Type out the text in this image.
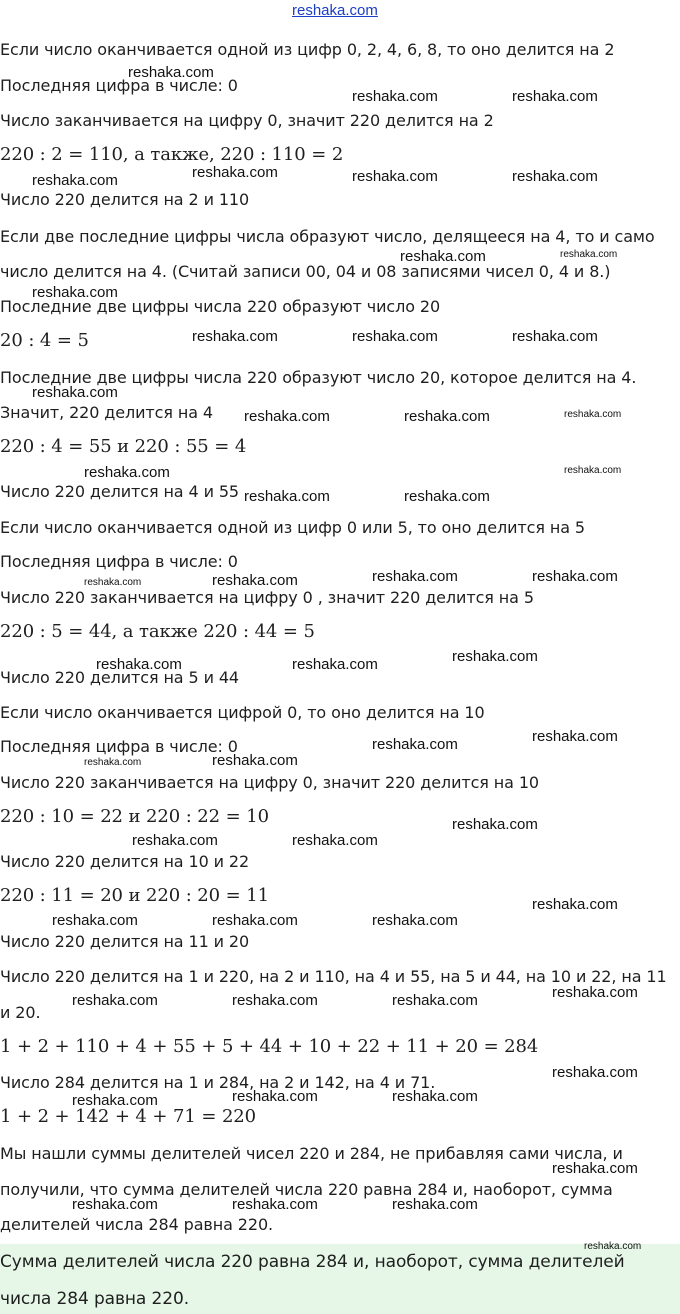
reshaka.com
Если число оканчивается одной из цифр 0, 2, 4, 6, 8, то оно делится на 2
Последняя цифра в числе: 0
Число заканчивается на цифру 0, значит 220 делится на 2
220 : 2 = 110, а также, 220 : 110 = 2
Число 220 делится на 2 и 110
Если две последние цифры числа образуют число, делящееся на 4, то и само
число делится на 4. (Считай записи 00, 04 и 08 записями чисел 0, 4 и 8.)
Последние две цифры числа 220 образуют число 20
20 : 4 = 5
Последние две цифры числа 220 образуют число 20, которое делится на 4.
Значит, 220 делится на 4
220 : 4 = 55 и 220 : 55 = 4
Число 220 делится на 4 и 55
Если число оканчивается одной из цифр 0 или 5, то оно делится на 5
Последняя цифра в числе: 0
Число 220 заканчивается на цифру 0 , значит 220 делится на 5
220 : 5 = 44, а также 220 : 44 = 5
Число 220 делится на 5 и 44
Если число оканчивается цифрой 0, то оно делится на 10
Последняя цифра в числе: 0
Число 220 заканчивается на цифру 0, значит 220 делится на 10
220 : 10 = 22 и 220 : 22 = 10
Число 220 делится на 10 и 22
220 : 11 = 20 и 220 : 20 = 11
Число 220 делится на 11 и 20
Число 220 делится на 1 и 220, на 2 и 110, на 4 и 55, на 5 и 44, на 10 и 22, на 11
и 20.
1 + 2 + 110 + 4 + 55 + 5 + 44 + 10 + 22 + 11 + 20 = 284
Число 284 делится на 1 и 284, на 2 и 142, на 4 и 71.
1 + 2 + 142 + 4 + 71 = 220
Мы нашли суммы делителей чисел 220 и 284, не прибавляя сами числа, и
получили, что сумма делителей числа 220 равна 284 и, наоборот, сумма
делителей числа 284 равна 220.
Сумма делителей числа 220 равна 284 и, наоборот, сумма делителей
числа 284 равна 220.
reshaka.com
reshaka.com	reshaka.com
reshaka.com
reshaka.com	reshaka.com	reshaka.com
reshaka.com	reshaka.com
reshaka.com
reshaka.com	reshaka.com	reshaka.com
reshaka.com
reshaka.com	reshaka.com	reshaka.com
reshaka.com	reshaka.com
reshaka.com	reshaka.com
reshaka.com	reshaka.com
reshaka.com	reshaka.com
reshaka.com
reshaka.com	reshaka.com
reshaka.com
reshaka.com
reshaka.com
reshaka.com
reshaka.com
reshaka.com	reshaka.com
reshaka.com
reshaka.com	reshaka.com	reshaka.com
reshaka.com
reshaka.com	reshaka.com	reshaka.com
reshaka.com
reshaka.com	reshaka.com	reshaka.com
reshaka.com
reshaka.com	reshaka.com	reshaka.com
reshaka.com
